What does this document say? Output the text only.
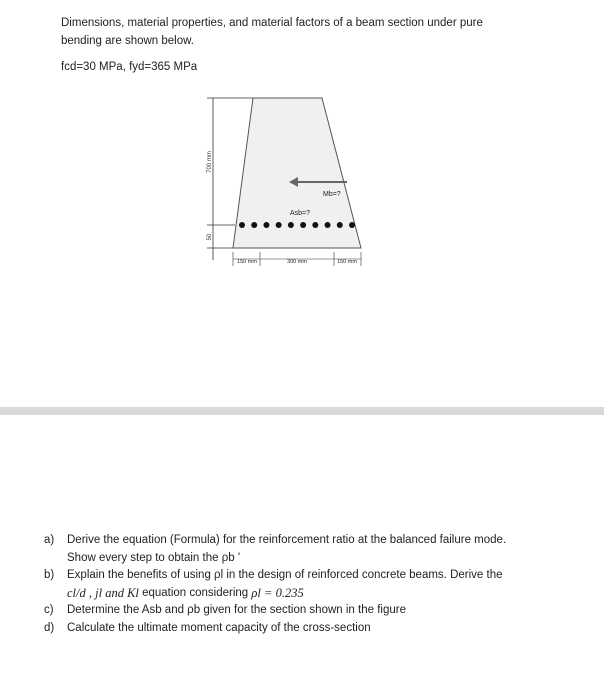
Dimensions, material properties, and material factors of a beam section under pure
bending are shown below.
fcd=30 MPa, fyd=365 MPa
700 mm
50
Mb=?
Asb=?
150 mm	300 mm	150 mm
a)	Derive the equation (Formula) for the reinforcement ratio at the balanced failure mode.
Show every step to obtain the ρb '
b)	Explain the benefits of using ρl in the design of reinforced concrete beams. Derive the
cl/d , jl and Kl equation considering ρl = 0.235
c)	Determine the Asb and ρb given for the section shown in the figure
d)	Calculate the ultimate moment capacity of the cross-section
